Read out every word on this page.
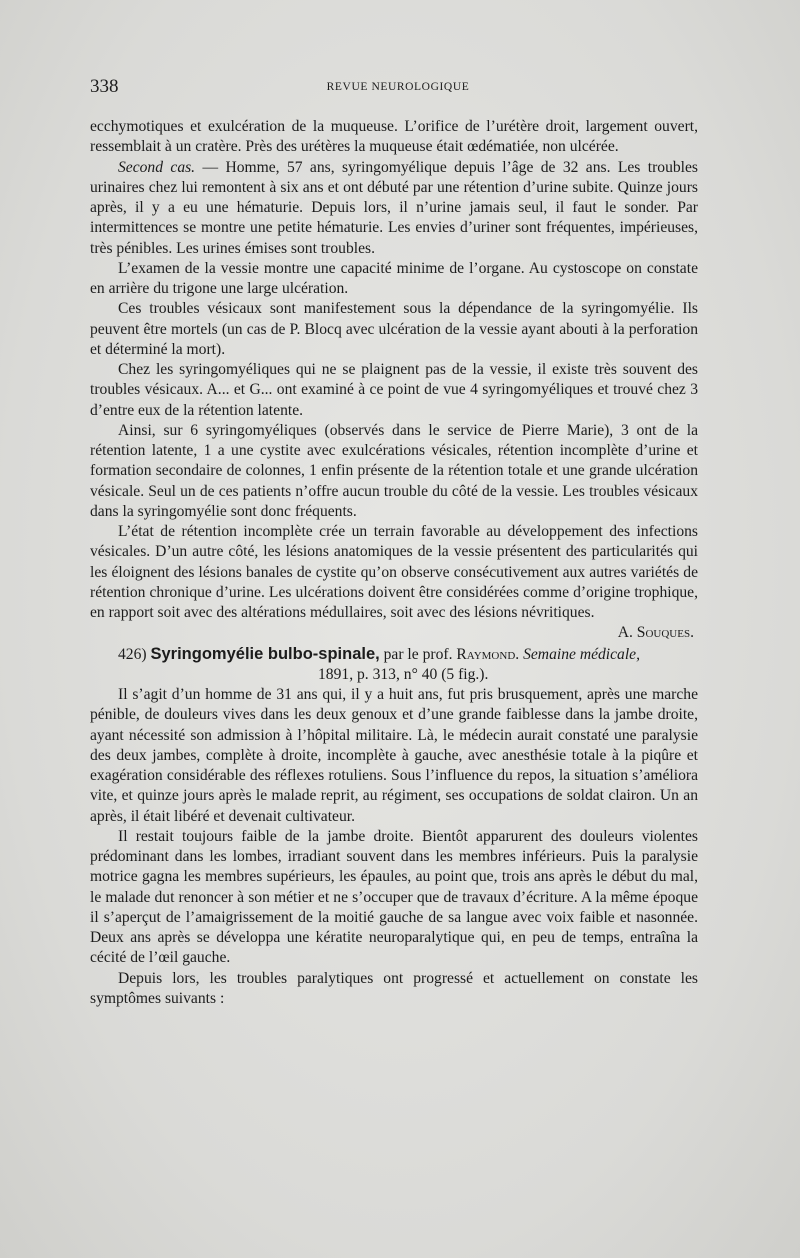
338	REVUE NEUROLOGIQUE

ecchymotiques et exulcération de la muqueuse. L’orifice de l’urétère droit, largement ouvert, ressemblait à un cratère. Près des urétères la muqueuse était œdématiée, non ulcérée.

Second cas. — Homme, 57 ans, syringomyélique depuis l’âge de 32 ans. Les troubles urinaires chez lui remontent à six ans et ont débuté par une rétention d’urine subite. Quinze jours après, il y a eu une hématurie. Depuis lors, il n’urine jamais seul, il faut le sonder. Par intermittences se montre une petite hématurie. Les envies d’uriner sont fréquentes, impérieuses, très pénibles. Les urines émises sont troubles.

L’examen de la vessie montre une capacité minime de l’organe. Au cystoscope on constate en arrière du trigone une large ulcération.

Ces troubles vésicaux sont manifestement sous la dépendance de la syringomyélie. Ils peuvent être mortels (un cas de P. Blocq avec ulcération de la vessie ayant abouti à la perforation et déterminé la mort).

Chez les syringomyéliques qui ne se plaignent pas de la vessie, il existe très souvent des troubles vésicaux. A... et G... ont examiné à ce point de vue 4 syringomyéliques et trouvé chez 3 d’entre eux de la rétention latente.

Ainsi, sur 6 syringomyéliques (observés dans le service de Pierre Marie), 3 ont de la rétention latente, 1 a une cystite avec exulcérations vésicales, rétention incomplète d’urine et formation secondaire de colonnes, 1 enfin présente de la rétention totale et une grande ulcération vésicale. Seul un de ces patients n’offre aucun trouble du côté de la vessie. Les troubles vésicaux dans la syringomyélie sont donc fréquents.

L’état de rétention incomplète crée un terrain favorable au développement des infections vésicales. D’un autre côté, les lésions anatomiques de la vessie présentent des particularités qui les éloignent des lésions banales de cystite qu’on observe consécutivement aux autres variétés de rétention chronique d’urine. Les ulcérations doivent être considérées comme d’origine trophique, en rapport soit avec des altérations médullaires, soit avec des lésions névritiques.

A. Souques.

426) Syringomyélie bulbo-spinale, par le prof. Raymond. Semaine médicale,

1891, p. 313, n° 40 (5 fig.).

Il s’agit d’un homme de 31 ans qui, il y a huit ans, fut pris brusquement, après une marche pénible, de douleurs vives dans les deux genoux et d’une grande faiblesse dans la jambe droite, ayant nécessité son admission à l’hôpital militaire. Là, le médecin aurait constaté une paralysie des deux jambes, complète à droite, incomplète à gauche, avec anesthésie totale à la piqûre et exagération considérable des réflexes rotuliens. Sous l’influence du repos, la situation s’améliora vite, et quinze jours après le malade reprit, au régiment, ses occupations de soldat clairon. Un an après, il était libéré et devenait cultivateur.

Il restait toujours faible de la jambe droite. Bientôt apparurent des douleurs violentes prédominant dans les lombes, irradiant souvent dans les membres inférieurs. Puis la paralysie motrice gagna les membres supérieurs, les épaules, au point que, trois ans après le début du mal, le malade dut renoncer à son métier et ne s’occuper que de travaux d’écriture. A la même époque il s’aperçut de l’amaigrissement de la moitié gauche de sa langue avec voix faible et nasonnée. Deux ans après se développa une kératite neuroparalytique qui, en peu de temps, entraîna la cécité de l’œil gauche.

Depuis lors, les troubles paralytiques ont progressé et actuellement on constate les symptômes suivants :
